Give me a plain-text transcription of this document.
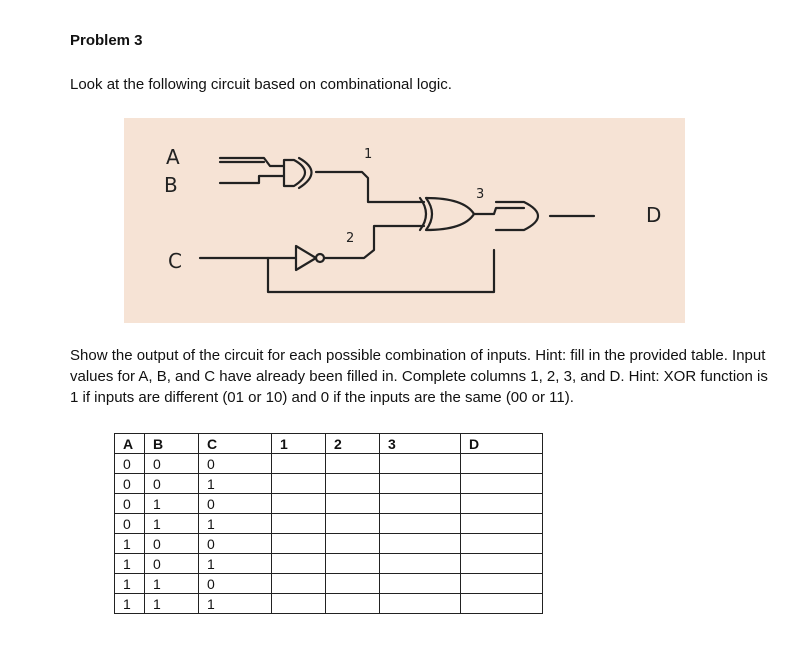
Problem 3
Look at the following circuit based on combinational logic.
A
B
C
D
1
2
3
Show the output of the circuit for each possible combination of inputs. Hint: fill in the provided table. Input values for A, B, and C have already been filled in. Complete columns 1, 2, 3, and D. Hint: XOR function is 1 if inputs are different (01 or 10) and 0 if the inputs are the same (00 or 11).
A	B	C	1	2	3	D
0	0	0				
0	0	1				
0	1	0				
0	1	1				
1	0	0				
1	0	1				
1	1	0				
1	1	1				
